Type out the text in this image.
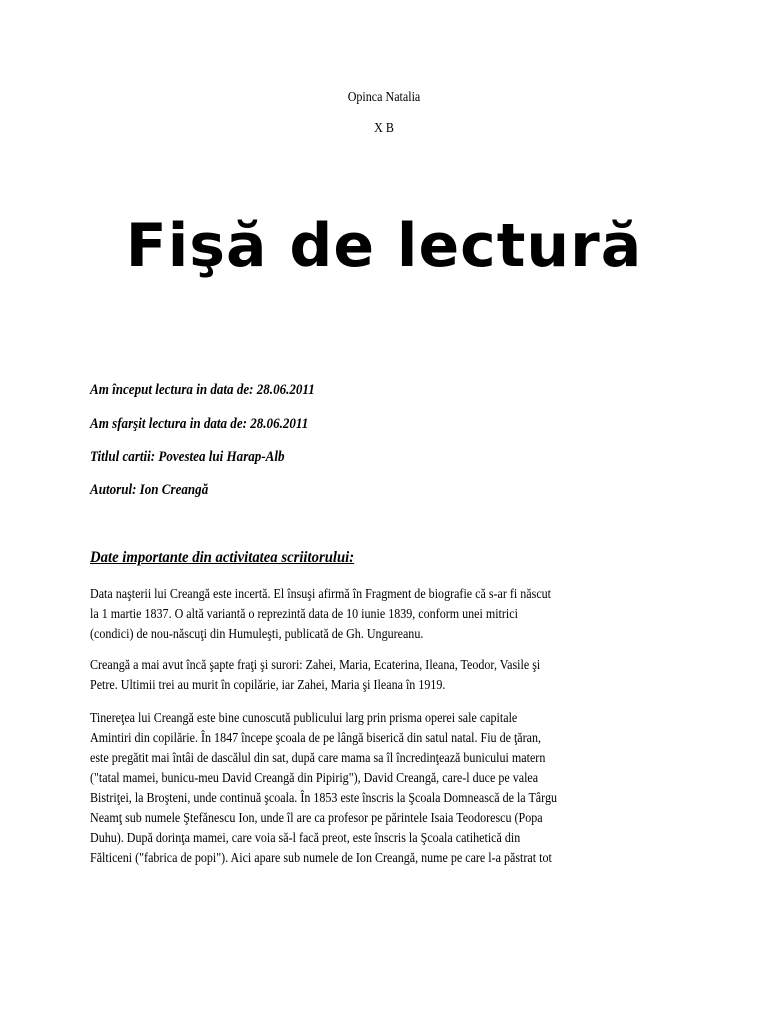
Opinca Natalia
X B
Fişă de lectură
Am început lectura in data de: 28.06.2011
Am sfarşit lectura in data de: 28.06.2011
Titlul cartii: Povestea lui Harap-Alb
Autorul: Ion Creangă
Date importante din activitatea scriitorului:
Data naşterii lui Creangă este incertă. El însuşi afirmă în Fragment de biografie că s-ar fi născut
la 1 martie 1837. O altă variantă o reprezintă data de 10 iunie 1839, conform unei mitrici
(condici) de nou-născuţi din Humuleşti, publicată de Gh. Ungureanu.
Creangă a mai avut încă şapte fraţi şi surori: Zahei, Maria, Ecaterina, Ileana, Teodor, Vasile şi
Petre. Ultimii trei au murit în copilărie, iar Zahei, Maria şi Ileana în 1919.
Tinereţea lui Creangă este bine cunoscută publicului larg prin prisma operei sale capitale
Amintiri din copilărie. În 1847 începe şcoala de pe lângă biserică din satul natal. Fiu de ţăran,
este pregătit mai întâi de dascălul din sat, după care mama sa îl încredinţează bunicului matern
("tatal mamei, bunicu-meu David Creangă din Pipirig"), David Creangă, care-l duce pe valea
Bistriţei, la Broşteni, unde continuă şcoala. În 1853 este înscris la Şcoala Domnească de la Târgu
Neamţ sub numele Ştefănescu Ion, unde îl are ca profesor pe părintele Isaia Teodorescu (Popa
Duhu). După dorinţa mamei, care voia să-l facă preot, este înscris la Şcoala catihetică din
Fălticeni ("fabrica de popi"). Aici apare sub numele de Ion Creangă, nume pe care l-a păstrat tot
